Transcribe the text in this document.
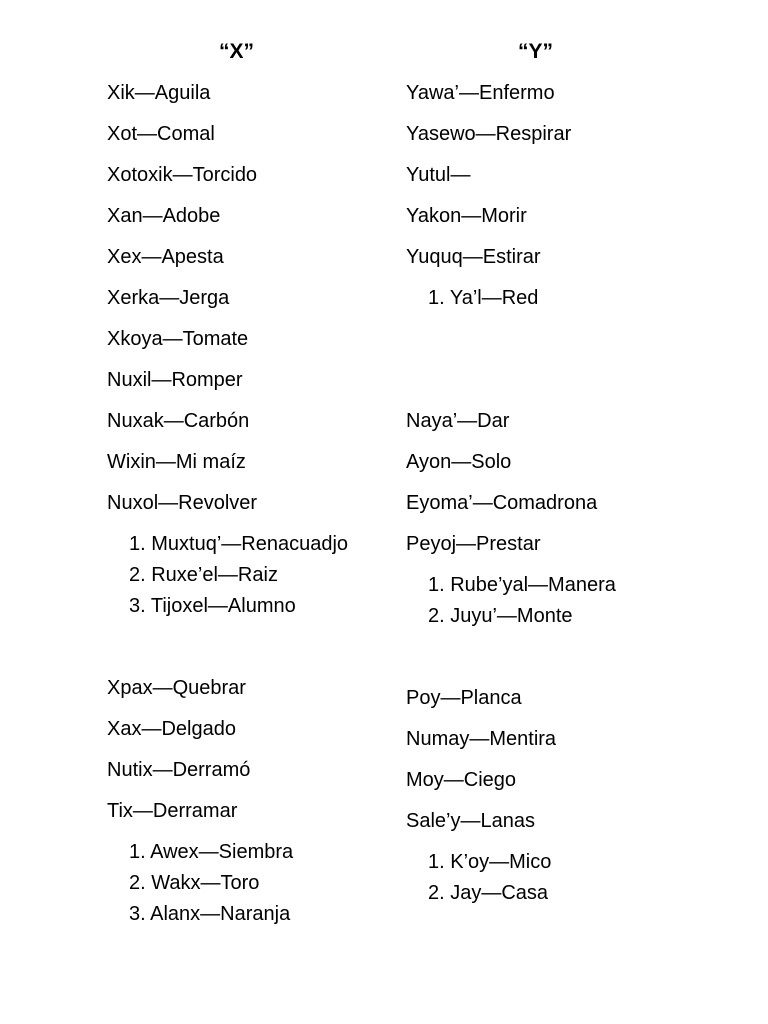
“X”
Xik—Aguila
Xot—Comal
Xotoxik—Torcido
Xan—Adobe
Xex—Apesta
Xerka—Jerga
Xkoya—Tomate
Nuxil—Romper
Nuxak—Carbón
Wixin—Mi maíz
Nuxol—Revolver
1. Muxtuq’—Renacuadjo
2. Ruxe’el—Raiz
3. Tijoxel—Alumno
Xpax—Quebrar
Xax—Delgado
Nutix—Derramó
Tix—Derramar
1. Awex—Siembra
2. Wakx—Toro
3. Alanx—Naranja
“Y”
Yawa’—Enfermo
Yasewo—Respirar
Yutul—
Yakon—Morir
Yuquq—Estirar
1. Ya’l—Red
Naya’—Dar
Ayon—Solo
Eyoma’—Comadrona
Peyoj—Prestar
1. Rube’yal—Manera
2. Juyu’—Monte
Poy—Planca
Numay—Mentira
Moy—Ciego
Sale’y—Lanas
1. K’oy—Mico
2. Jay—Casa
